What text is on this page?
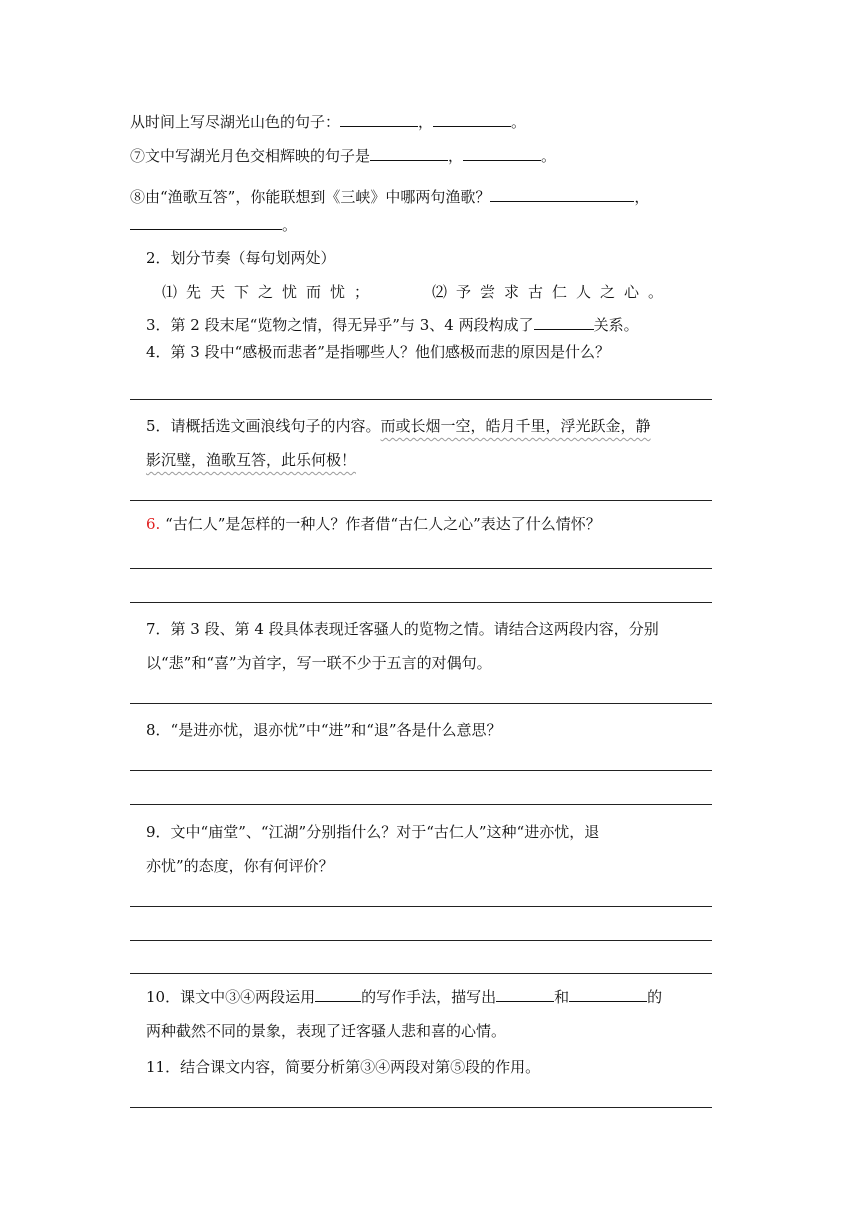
从时间上写尽湖光山色的句子：	，	。
⑦文中写湖光月色交相辉映的句子是	，	。
⑧由“渔歌互答”，你能联想到《三峡》中哪两句渔歌？	，
。
2．划分节奏（每句划两处）
⑴先天下之忧而忧；	⑵予尝求古仁人之心。
3．第 2 段末尾“览物之情，得无异乎”与 3、4 两段构成了	关系。
4．第 3 段中“感极而悲者”是指哪些人？他们感极而悲的原因是什么？
5．请概括选文画浪线句子的内容。而或长烟一空，皓月千里，浮光跃金，静
影沉璧，渔歌互答，此乐何极！
6. “古仁人”是怎样的一种人？作者借“古仁人之心”表达了什么情怀？
7．第 3 段、第 4 段具体表现迁客骚人的览物之情。请结合这两段内容，分别
以“悲”和“喜”为首字，写一联不少于五言的对偶句。
8．“是进亦忧，退亦忧”中“进”和“退”各是什么意思？
9．文中“庙堂”、“江湖”分别指什么？对于“古仁人”这种“进亦忧，退
亦忧”的态度，你有何评价？
10．课文中③④两段运用	的写作手法，描写出	和	的
两种截然不同的景象，表现了迁客骚人悲和喜的心情。
11．结合课文内容，简要分析第③④两段对第⑤段的作用。
